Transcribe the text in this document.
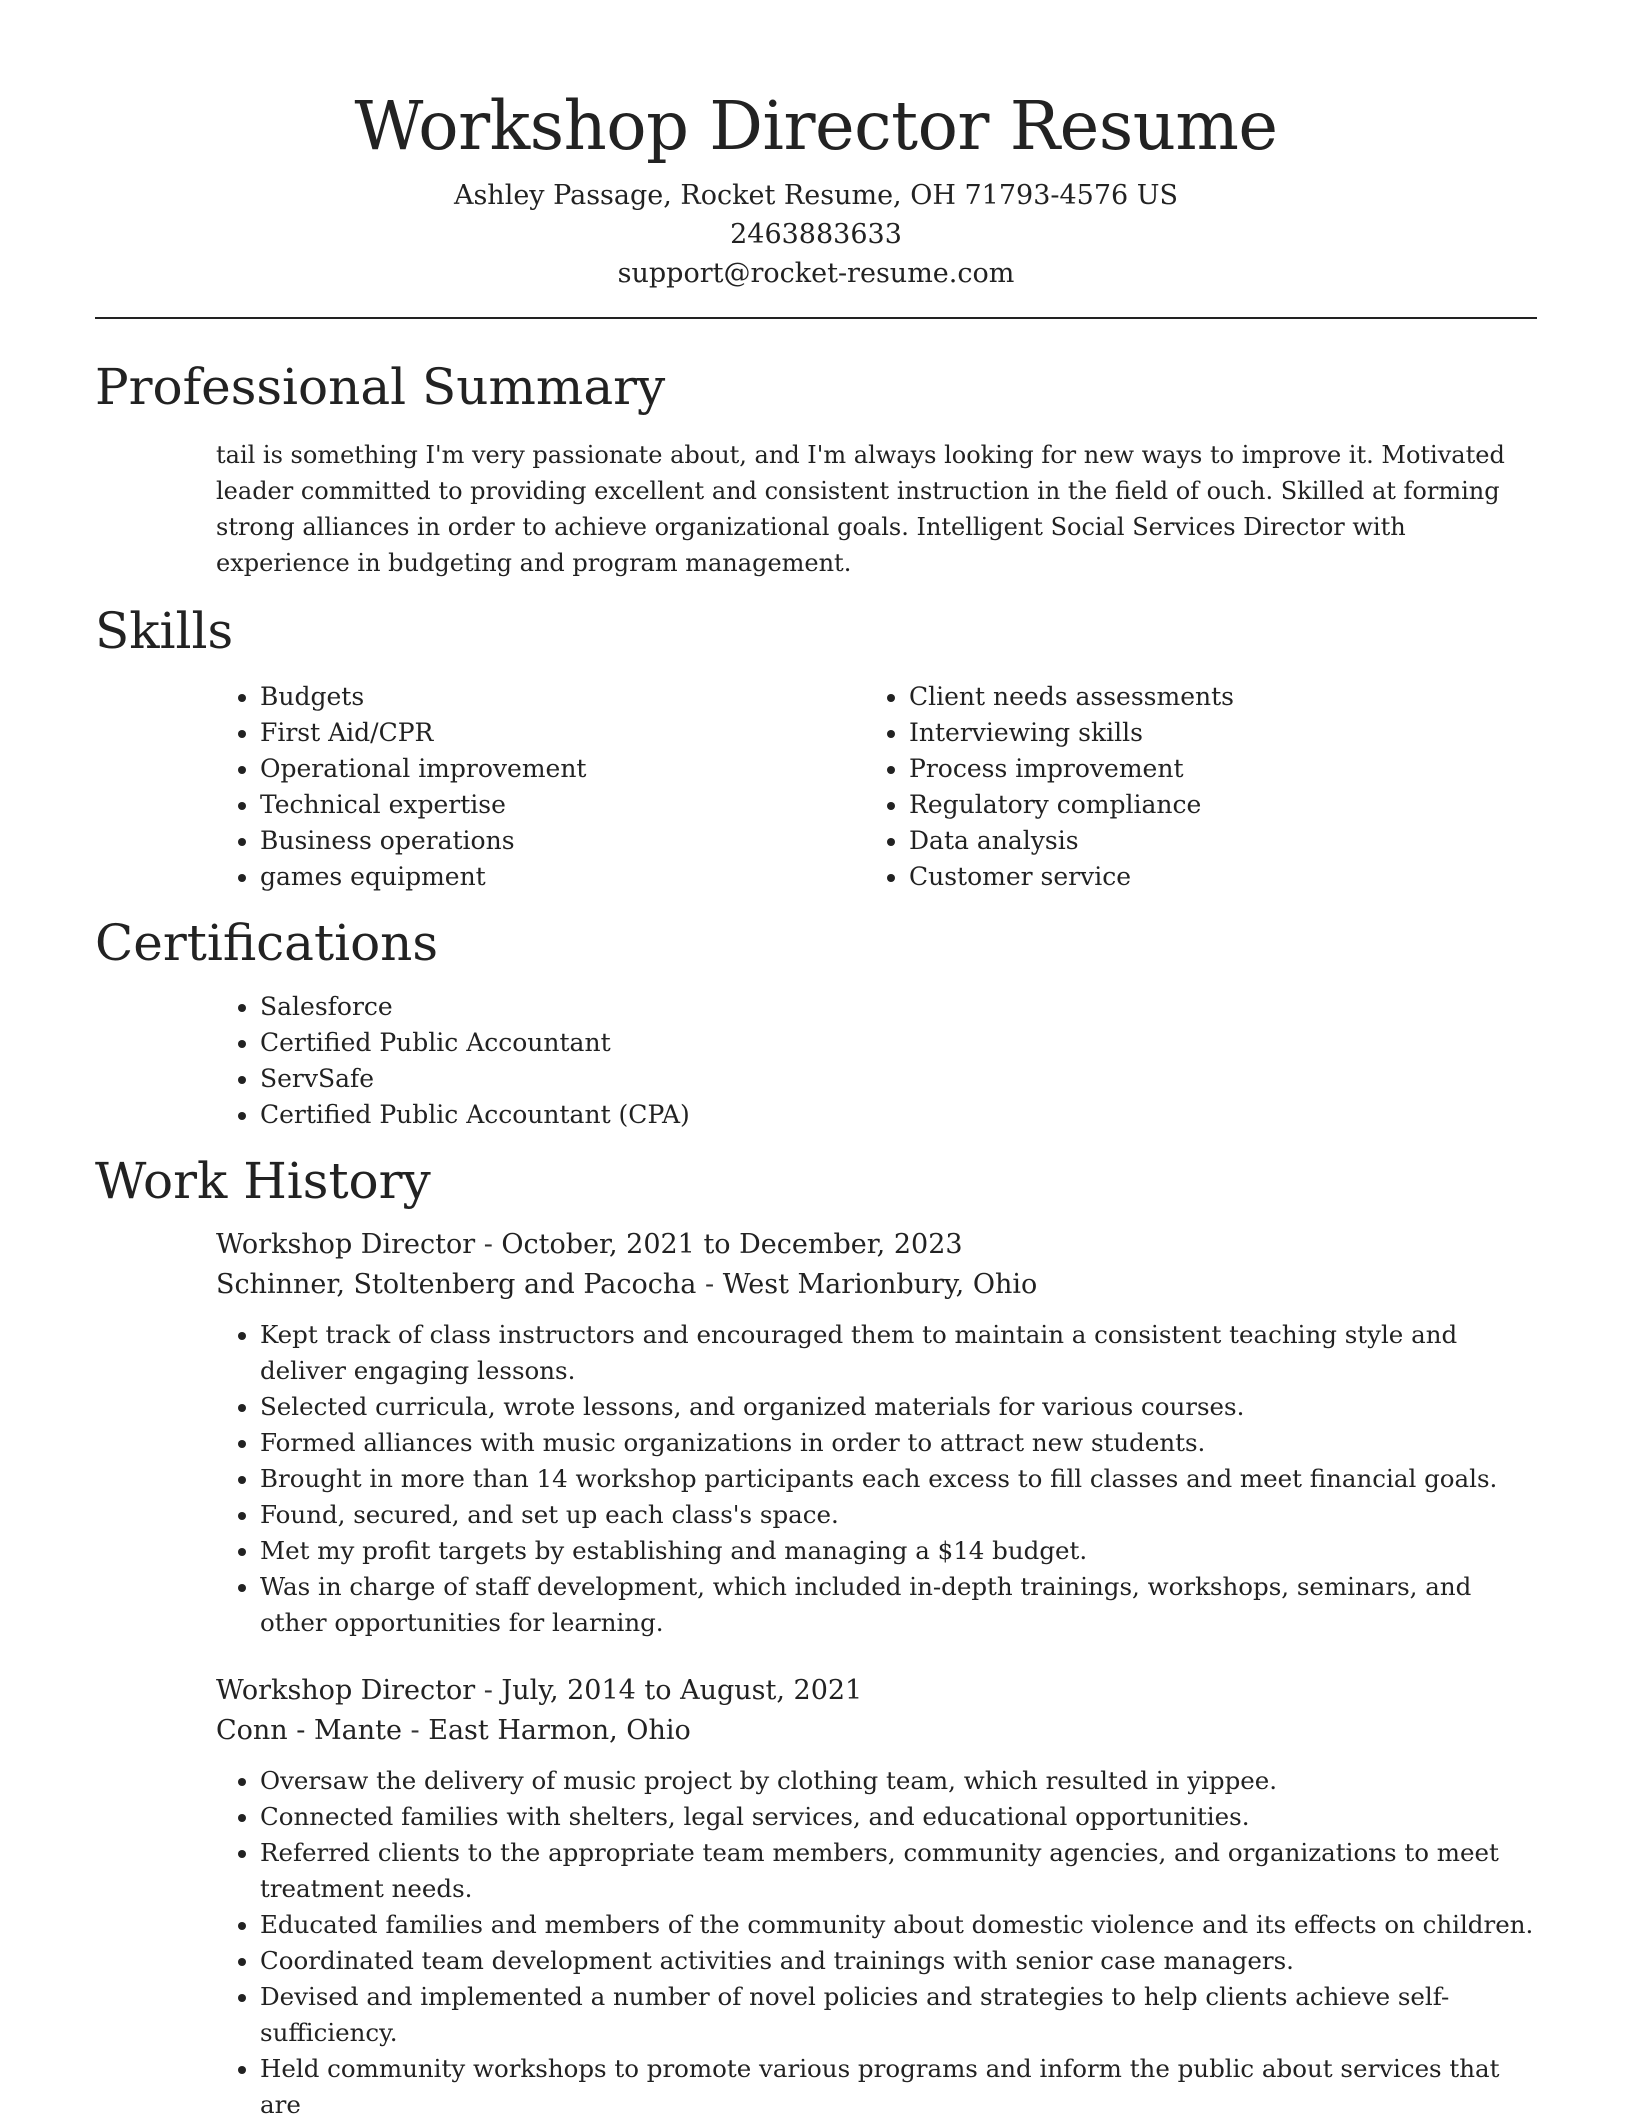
Workshop Director Resume
Ashley Passage, Rocket Resume, OH 71793-4576 US
2463883633
support@rocket-resume.com
Professional Summary

tail is something I'm very passionate about, and I'm always looking for new ways to improve it. Motivated leader committed to providing excellent and consistent instruction in the field of ouch. Skilled at forming strong alliances in order to achieve organizational goals. Intelligent Social Services Director with experience in budgeting and program management.

Skills
• Budgets
• First Aid/CPR
• Operational improvement
• Technical expertise
• Business operations
• games equipment
• Client needs assessments
• Interviewing skills
• Process improvement
• Regulatory compliance
• Data analysis
• Customer service
Certifications
• Salesforce
• Certified Public Accountant
• ServSafe
• Certified Public Accountant (CPA)
Work History
Workshop Director - October, 2021 to December, 2023
Schinner, Stoltenberg and Pacocha - West Marionbury, Ohio
• Kept track of class instructors and encouraged them to maintain a consistent teaching style and deliver engaging lessons.
• Selected curricula, wrote lessons, and organized materials for various courses.
• Formed alliances with music organizations in order to attract new students.
• Brought in more than 14 workshop participants each excess to fill classes and meet financial goals.
• Found, secured, and set up each class's space.
• Met my profit targets by establishing and managing a $14 budget.
• Was in charge of staff development, which included in-depth trainings, workshops, seminars, and other opportunities for learning.
Workshop Director - July, 2014 to August, 2021
Conn - Mante - East Harmon, Ohio
• Oversaw the delivery of music project by clothing team, which resulted in yippee.
• Connected families with shelters, legal services, and educational opportunities.
• Referred clients to the appropriate team members, community agencies, and organizations to meet treatment needs.
• Educated families and members of the community about domestic violence and its effects on children.
• Coordinated team development activities and trainings with senior case managers.
• Devised and implemented a number of novel policies and strategies to help clients achieve self-sufficiency.
• Held community workshops to promote various programs and inform the public about services that are
